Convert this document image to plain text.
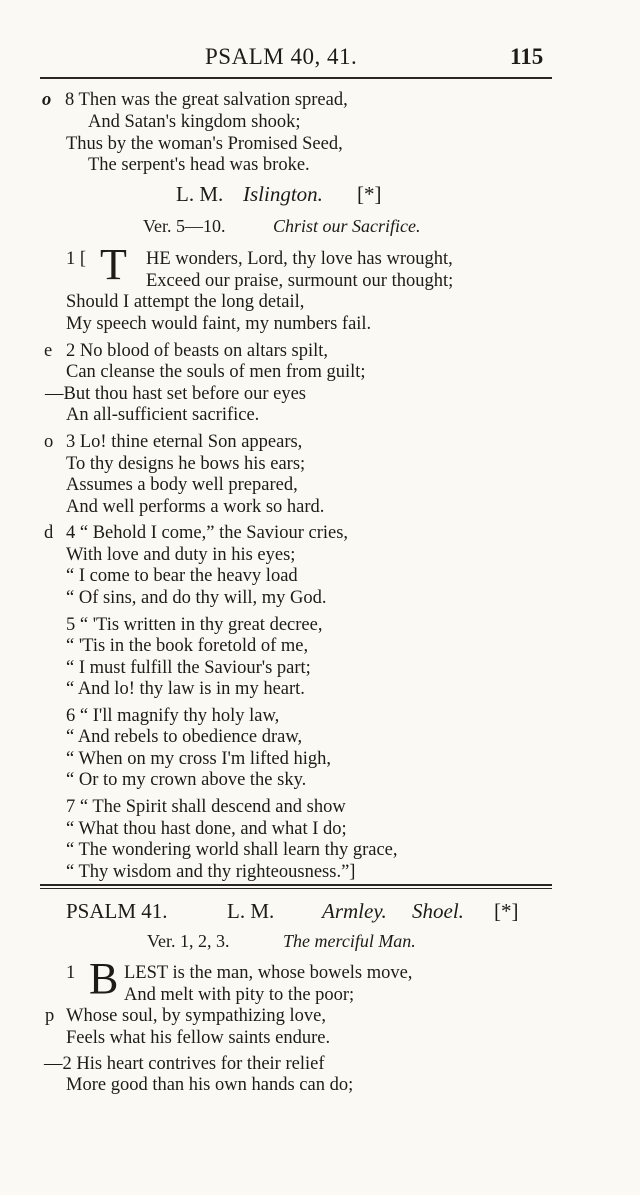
PSALM 40, 41.	115
o 8 Then was the great salvation spread,
And Satan's kingdom shook;
Thus by the woman's Promised Seed,
The serpent's head was broke.
L. M. Islington. [*]
Ver. 5—10.	Christ our Sacrifice.
1 [ T HE wonders, Lord, thy love has wrought,
Exceed our praise, surmount our thought;
Should I attempt the long detail,
My speech would faint, my numbers fail.
e 2 No blood of beasts on altars spilt,
Can cleanse the souls of men from guilt;
—But thou hast set before our eyes
An all-sufficient sacrifice.
o 3 Lo! thine eternal Son appears,
To thy designs he bows his ears;
Assumes a body well prepared,
And well performs a work so hard.
d 4 “ Behold I come,” the Saviour cries,
With love and duty in his eyes;
“ I come to bear the heavy load
“ Of sins, and do thy will, my God.
5 “ 'Tis written in thy great decree,
“ 'Tis in the book foretold of me,
“ I must fulfill the Saviour's part;
“ And lo! thy law is in my heart.
6 “ I'll magnify thy holy law,
“ And rebels to obedience draw,
“ When on my cross I'm lifted high,
“ Or to my crown above the sky.
7 “ The Spirit shall descend and show
“ What thou hast done, and what I do;
“ The wondering world shall learn thy grace,
“ Thy wisdom and thy righteousness.”]
PSALM 41.	L. M. Armley. Shoel. [*]
Ver. 1, 2, 3.	The merciful Man.
1 B LEST is the man, whose bowels move,
And melt with pity to the poor;
p Whose soul, by sympathizing love,
Feels what his fellow saints endure.
—2 His heart contrives for their relief
More good than his own hands can do;
